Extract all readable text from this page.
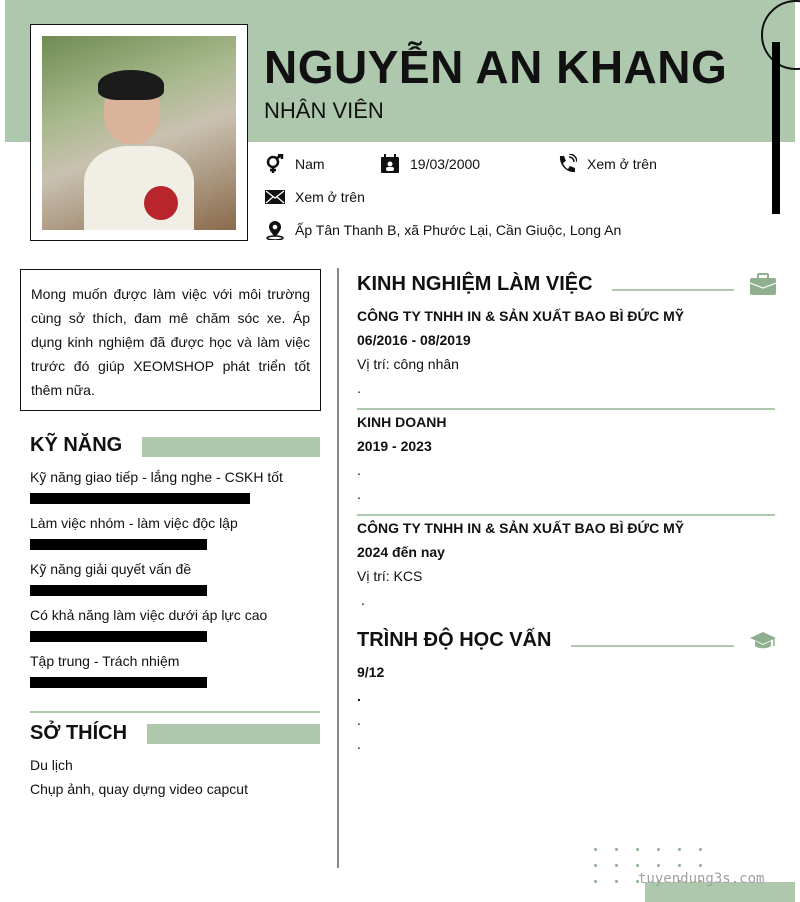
NGUYỄN AN KHANG
NHÂN VIÊN
Nam	19/03/2000	Xem ở trên
Xem ở trên
Ấp Tân Thanh B, xã Phước Lại, Cần Giuộc, Long An
Mong muốn được làm việc với môi trường cùng sở thích, đam mê chăm sóc xe. Áp dụng kinh nghiệm đã được học và làm việc trước đó giúp XEOMSHOP phát triển tốt thêm nữa.
KỸ NĂNG
Kỹ năng giao tiếp - lắng nghe - CSKH tốt
Làm việc nhóm - làm việc độc lập
Kỹ năng giải quyết vấn đề
Có khả năng làm việc dưới áp lực cao
Tập trung - Trách nhiệm
SỞ THÍCH
Du lịch
Chụp ảnh, quay dựng video capcut
KINH NGHIỆM LÀM VIỆC
CÔNG TY TNHH IN & SẢN XUẤT BAO BÌ ĐỨC MỸ
06/2016 - 08/2019
Vị trí: công nhân
.
KINH DOANH
2019 - 2023
.
.
CÔNG TY TNHH IN & SẢN XUẤT BAO BÌ ĐỨC MỸ
2024 đến nay
Vị trí: KCS
.
TRÌNH ĐỘ HỌC VẤN
9/12
.
.
.
tuyendung3s.com
